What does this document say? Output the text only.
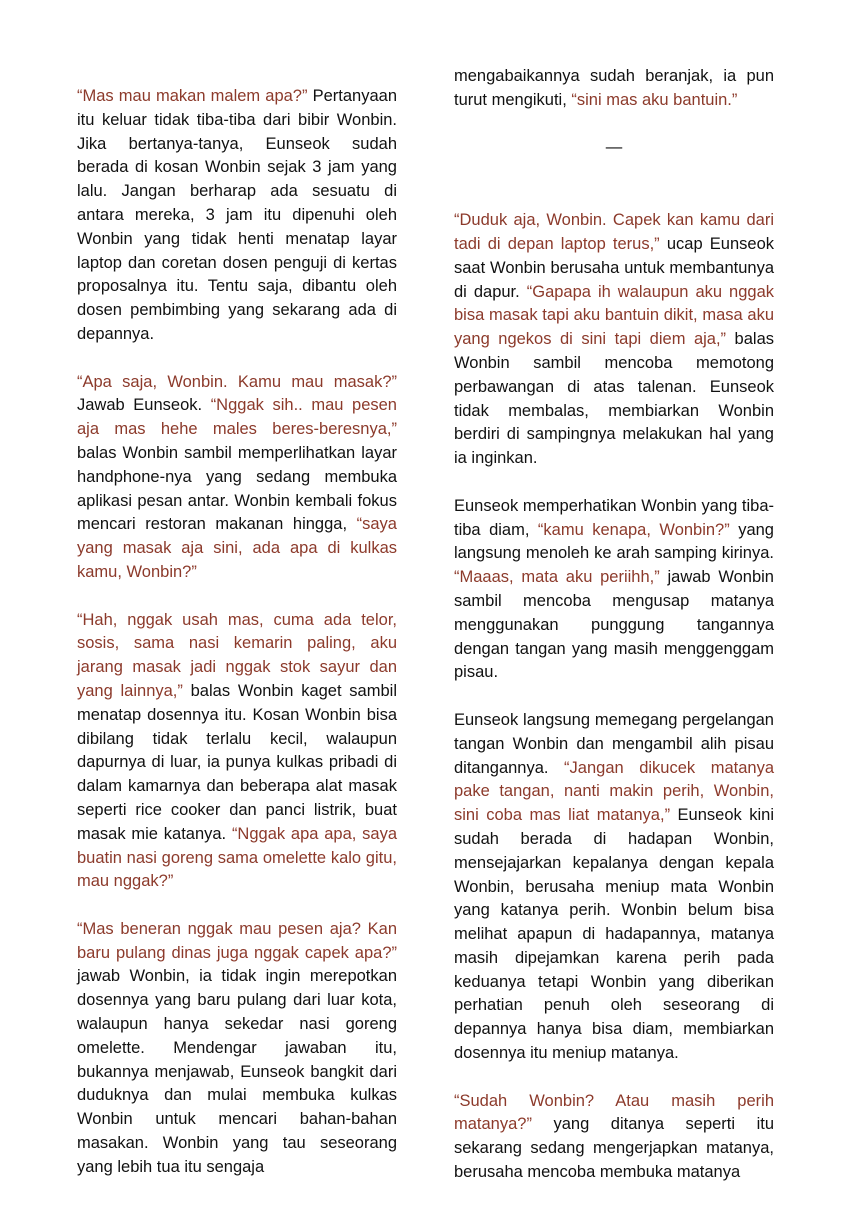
“Mas mau makan malem apa?” Pertanyaan itu keluar tidak tiba-tiba dari bibir Wonbin. Jika bertanya-tanya, Eunseok sudah berada di kosan Wonbin sejak 3 jam yang lalu. Jangan berharap ada sesuatu di antara mereka, 3 jam itu dipenuhi oleh Wonbin yang tidak henti menatap layar laptop dan coretan dosen penguji di kertas proposalnya itu. Tentu saja, dibantu oleh dosen pembimbing yang sekarang ada di depannya.

“Apa saja, Wonbin. Kamu mau masak?” Jawab Eunseok. “Nggak sih.. mau pesen aja mas hehe males beres-beresnya,” balas Wonbin sambil memperlihatkan layar handphone-nya yang sedang membuka aplikasi pesan antar. Wonbin kembali fokus mencari restoran makanan hingga, “saya yang masak aja sini, ada apa di kulkas kamu, Wonbin?”

“Hah, nggak usah mas, cuma ada telor, sosis, sama nasi kemarin paling, aku jarang masak jadi nggak stok sayur dan yang lainnya,” balas Wonbin kaget sambil menatap dosennya itu. Kosan Wonbin bisa dibilang tidak terlalu kecil, walaupun dapurnya di luar, ia punya kulkas pribadi di dalam kamarnya dan beberapa alat masak seperti rice cooker dan panci listrik, buat masak mie katanya. “Nggak apa apa, saya buatin nasi goreng sama omelette kalo gitu, mau nggak?”

“Mas beneran nggak mau pesen aja? Kan baru pulang dinas juga nggak capek apa?” jawab Wonbin, ia tidak ingin merepotkan dosennya yang baru pulang dari luar kota, walaupun hanya sekedar nasi goreng omelette. Mendengar jawaban itu, bukannya menjawab, Eunseok bangkit dari duduknya dan mulai membuka kulkas Wonbin untuk mencari bahan-bahan masakan. Wonbin yang tau seseorang yang lebih tua itu sengaja

mengabaikannya sudah beranjak, ia pun turut mengikuti, “sini mas aku bantuin.”

—

“Duduk aja, Wonbin. Capek kan kamu dari tadi di depan laptop terus,” ucap Eunseok saat Wonbin berusaha untuk membantunya di dapur. “Gapapa ih walaupun aku nggak bisa masak tapi aku bantuin dikit, masa aku yang ngekos di sini tapi diem aja,” balas Wonbin sambil mencoba memotong perbawangan di atas talenan. Eunseok tidak membalas, membiarkan Wonbin berdiri di sampingnya melakukan hal yang ia inginkan.

Eunseok memperhatikan Wonbin yang tiba-tiba diam, “kamu kenapa, Wonbin?” yang langsung menoleh ke arah samping kirinya. “Maaas, mata aku periihh,” jawab Wonbin sambil mencoba mengusap matanya menggunakan punggung tangannya dengan tangan yang masih menggenggam pisau.

Eunseok langsung memegang pergelangan tangan Wonbin dan mengambil alih pisau ditangannya. “Jangan dikucek matanya pake tangan, nanti makin perih, Wonbin, sini coba mas liat matanya,” Eunseok kini sudah berada di hadapan Wonbin, mensejajarkan kepalanya dengan kepala Wonbin, berusaha meniup mata Wonbin yang katanya perih. Wonbin belum bisa melihat apapun di hadapannya, matanya masih dipejamkan karena perih pada keduanya tetapi Wonbin yang diberikan perhatian penuh oleh seseorang di depannya hanya bisa diam, membiarkan dosennya itu meniup matanya.

“Sudah Wonbin? Atau masih perih matanya?” yang ditanya seperti itu sekarang sedang mengerjapkan matanya, berusaha mencoba membuka matanya
